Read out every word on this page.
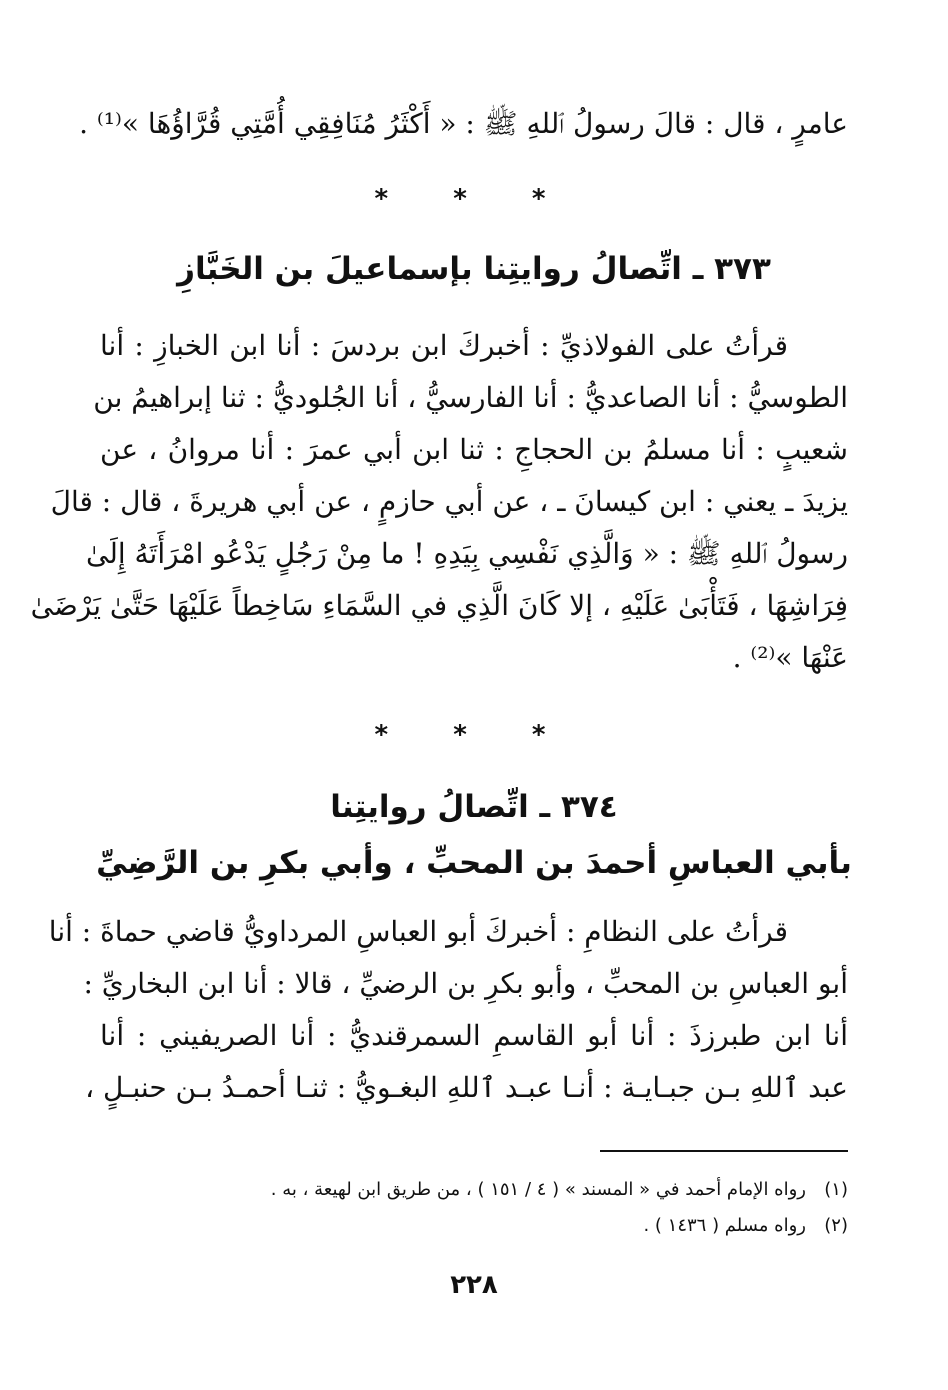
عامرٍ ، قال : قالَ رسولُ ٱللهِ ﷺ : « أَكْثَرُ مُنَافِقِي أُمَّتِي قُرَّاؤُهَا »⁽¹⁾ .
* * *
٣٧٣ ـ اتِّصالُ روايتِنا بإسماعيلَ بن الخَبَّازِ
قرأتُ على الفولاذيِّ : أخبركَ ابن بردسَ : أنا ابن الخبازِ : أنا
الطوسيُّ : أنا الصاعديُّ : أنا الفارسيُّ ، أنا الجُلوديُّ : ثنا إبراهيمُ بن
شعيبٍ : أنا مسلمُ بن الحجاجِ : ثنا ابن أبي عمرَ : أنا مروانُ ، عن
يزيدَ ـ يعني : ابن كيسانَ ـ ، عن أبي حازمٍ ، عن أبي هريرةَ ، قال : قالَ
رسولُ ٱللهِ ﷺ : « وَالَّذِي نَفْسِي بِيَدِهِ ! ما مِنْ رَجُلٍ يَدْعُو امْرَأَتَهُ إِلَىٰ
فِرَاشِهَا ، فَتَأْبَىٰ عَلَيْهِ ، إلا كَانَ الَّذِي في السَّمَاءِ سَاخِطاً عَلَيْهَا حَتَّىٰ يَرْضَىٰ
عَنْهَا »⁽²⁾ .
* * *
٣٧٤ ـ اتِّصالُ روايتِنا
بأبي العباسِ أحمدَ بن المحبِّ ، وأبي بكرِ بن الرَّضِيِّ
قرأتُ على النظامِ : أخبركَ أبو العباسِ المرداويُّ قاضي حماةَ : أنا
أبو العباسِ بن المحبِّ ، وأبو بكرِ بن الرضيِّ ، قالا : أنا ابن البخاريِّ :
أنا ابن طبرزذَ : أنا أبو القاسمِ السمرقنديُّ : أنا الصريفيني : أنا
عبد ٱللهِ بـن جبـايـة : أنـا عبـد ٱللهِ البغـويُّ : ثنـا أحمـدُ بـن حنبـلٍ ،
(١)رواه الإمام أحمد في « المسند » ( ٤ / ١٥١ ) ، من طريق ابن لهيعة ، به .
(٢)رواه مسلم ( ١٤٣٦ ) .
٢٢٨
